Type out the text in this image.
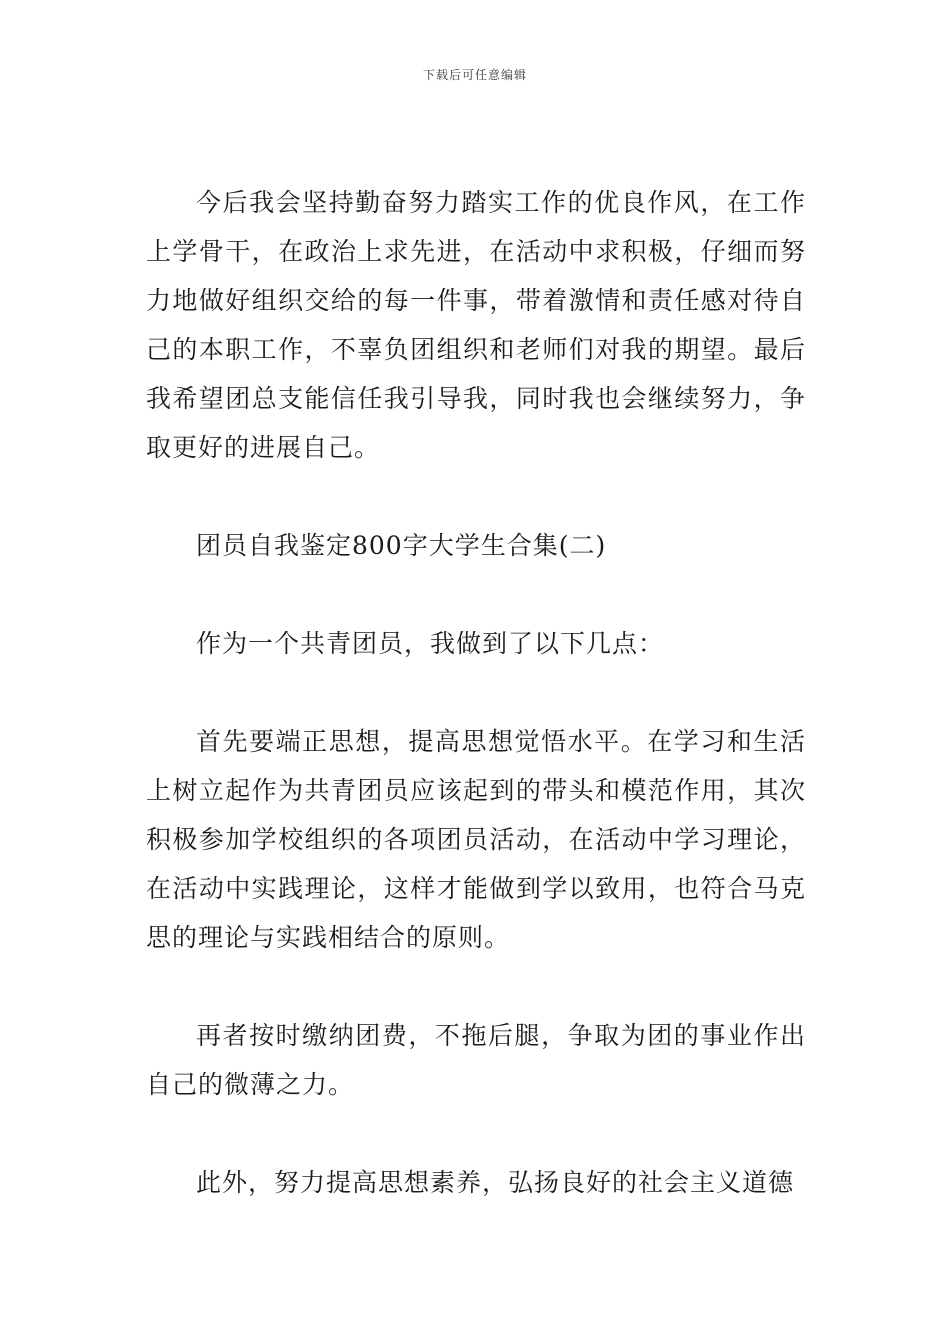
下载后可任意编辑

今后我会坚持勤奋努力踏实工作的优良作风，在工作上学骨干，在政治上求先进，在活动中求积极，仔细而努力地做好组织交给的每一件事，带着激情和责任感对待自己的本职工作，不辜负团组织和老师们对我的期望。最后我希望团总支能信任我引导我，同时我也会继续努力，争取更好的进展自己。

团员自我鉴定800字大学生合集(二)

作为一个共青团员，我做到了以下几点：

首先要端正思想，提高思想觉悟水平。在学习和生活上树立起作为共青团员应该起到的带头和模范作用，其次积极参加学校组织的各项团员活动，在活动中学习理论，在活动中实践理论，这样才能做到学以致用，也符合马克思的理论与实践相结合的原则。

再者按时缴纳团费，不拖后腿，争取为团的事业作出自己的微薄之力。

此外，努力提高思想素养，弘扬良好的社会主义道德
